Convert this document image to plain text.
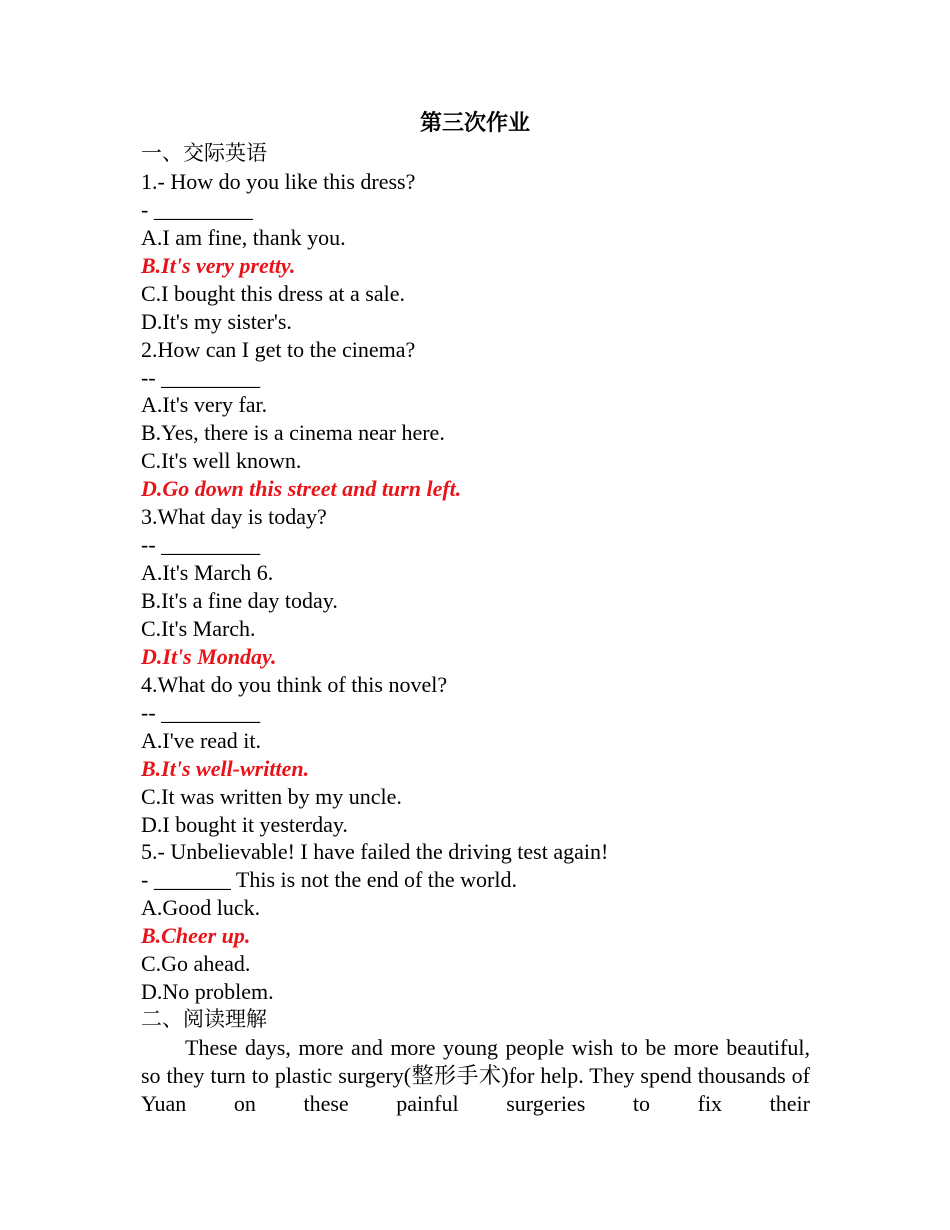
第三次作业
一、交际英语
1.- How do you like this dress?
- _________
A.I am fine, thank you.
B.It's very pretty.
C.I bought this dress at a sale.
D.It's my sister's.
2.How can I get to the cinema?
-- _________
A.It's very far.
B.Yes, there is a cinema near here.
C.It's well known.
D.Go down this street and turn left.
3.What day is today?
-- _________
A.It's March 6.
B.It's a fine day today.
C.It's March.
D.It's Monday.
4.What do you think of this novel?
-- _________
A.I've read it.
B.It's well-written.
C.It was written by my uncle.
D.I bought it yesterday.
5.- Unbelievable! I have failed the driving test again!
- _______ This is not the end of the world.
A.Good luck.
B.Cheer up.
C.Go ahead.
D.No problem.
二、阅读理解
These days, more and more young people wish to be more beautiful, so they turn to plastic surgery(整形手术)for help. They spend thousands of Yuan on these painful surgeries to fix their
